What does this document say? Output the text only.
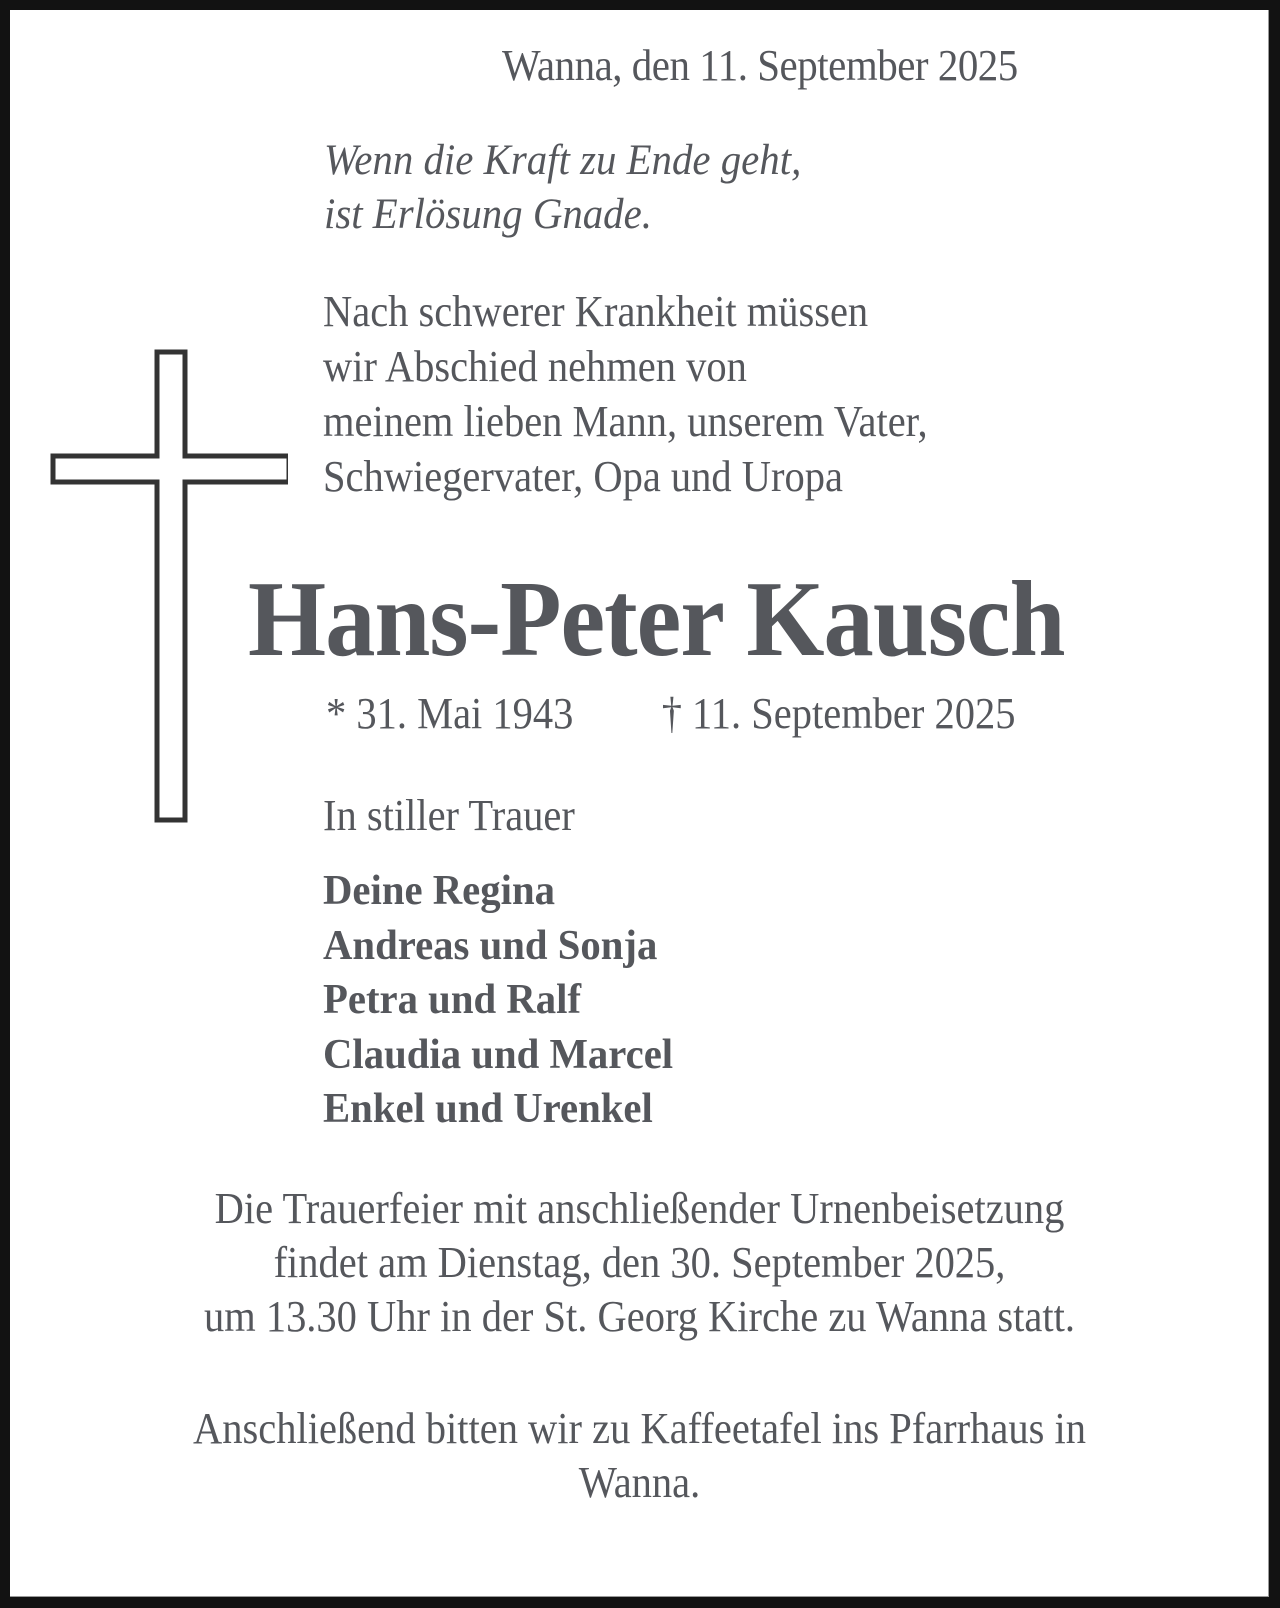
Wanna, den 11. September 2025
Wenn die Kraft zu Ende geht,
ist Erlösung Gnade.
Nach schwerer Krankheit müssen
wir Abschied nehmen von
meinem lieben Mann, unserem Vater,
Schwiegervater, Opa und Uropa
Hans-Peter Kausch
* 31. Mai 1943 † 11. September 2025
In stiller Trauer
Deine Regina
Andreas und Sonja
Petra und Ralf
Claudia und Marcel
Enkel und Urenkel
Die Trauerfeier mit anschließender Urnenbeisetzung
findet am Dienstag, den 30. September 2025,
um 13.30 Uhr in der St. Georg Kirche zu Wanna statt.
Anschließend bitten wir zu Kaffeetafel ins Pfarrhaus in
Wanna.
